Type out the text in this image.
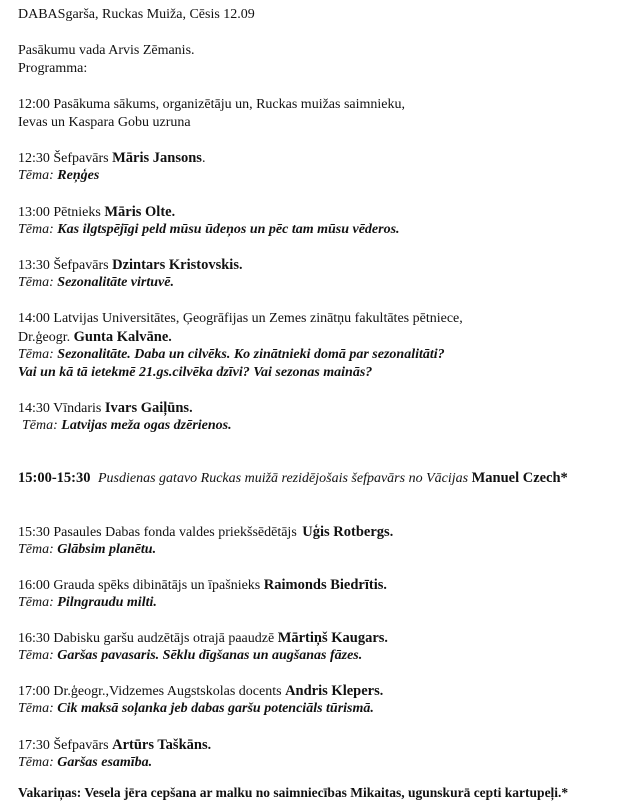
DABASgarša, Ruckas Muiža, Cēsis 12.09
Pasākumu vada Arvis Zēmanis.
Programma:
12:00 Pasākuma sākums, organizētāju un, Ruckas muižas saimnieku,
Ievas un Kaspara Gobu uzruna
12:30 Šefpavārs Māris Jansons.
Tēma: Reņģes
13:00 Pētnieks Māris Olte.
Tēma: Kas ilgtspējīgi peld mūsu ūdeņos un pēc tam mūsu vēderos.
13:30 Šefpavārs Dzintars Kristovskis.
Tēma: Sezonalitāte virtuvē.
14:00 Latvijas Universitātes, Ģeogrāfijas un Zemes zinātņu fakultātes pētniece,
Dr.ģeogr. Gunta Kalvāne.
Tēma: Sezonalitāte. Daba un cilvēks. Ko zinātnieki domā par sezonalitāti?
Vai un kā tā ietekmē 21.gs.cilvēka dzīvi? Vai sezonas mainās?
14:30 Vīndaris Ivars Gaiļūns.
Tēma: Latvijas meža ogas dzērienos.
15:00-15:30 Pusdienas gatavo Ruckas muižā rezidējošais šefpavārs no Vācijas Manuel Czech*
15:30 Pasaules Dabas fonda valdes priekšsēdētājs Uģis Rotbergs.
Tēma: Glābsim planētu.
16:00 Grauda spēks dibinātājs un īpašnieks Raimonds Biedrītis.
Tēma: Pilngraudu milti.
16:30 Dabisku garšu audzētājs otrajā paaudzē Mārtiņš Kaugars.
Tēma: Garšas pavasaris. Sēklu dīgšanas un augšanas fāzes.
17:00 Dr.ģeogr.,Vidzemes Augstskolas docents Andris Klepers.
Tēma: Cik maksā soļanka jeb dabas garšu potenciāls tūrismā.
17:30 Šefpavārs Artūrs Taškāns.
Tēma: Garšas esamība.
Vakariņas: Vesela jēra cepšana ar malku no saimniecības Mikaitas, ugunskurā cepti kartupeļi.*
